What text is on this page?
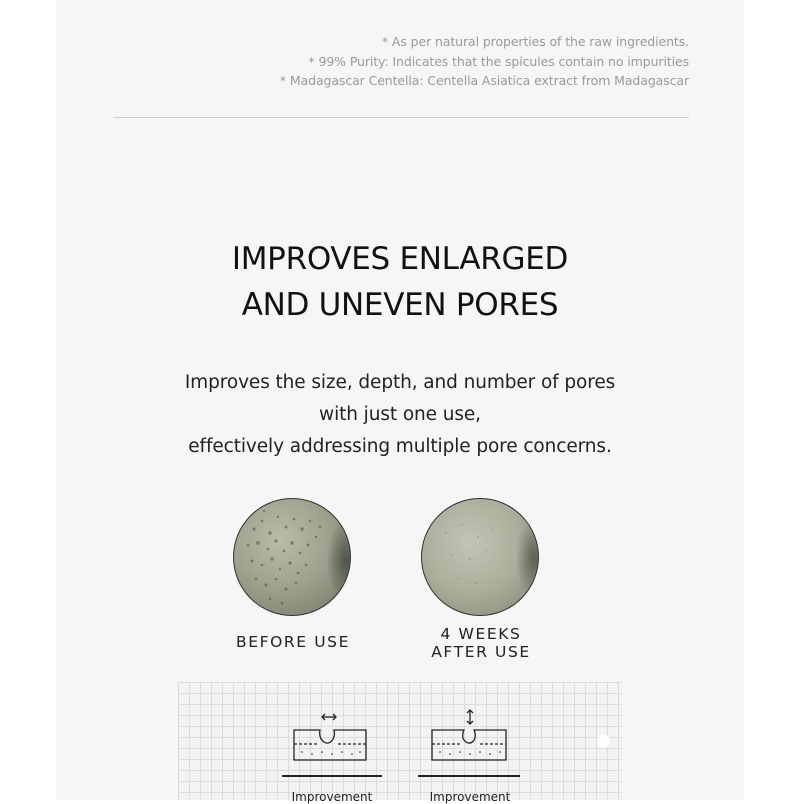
* As per natural properties of the raw ingredients.
* 99% Purity: Indicates that the spicules contain no impurities
* Madagascar Centella: Centella Asiatica extract from Madagascar
IMPROVES ENLARGED
AND UNEVEN PORES
Improves the size, depth, and number of pores
with just one use,
effectively addressing multiple pore concerns.
BEFORE USE	4 WEEKS
AFTER USE
Improvement	Improvement
